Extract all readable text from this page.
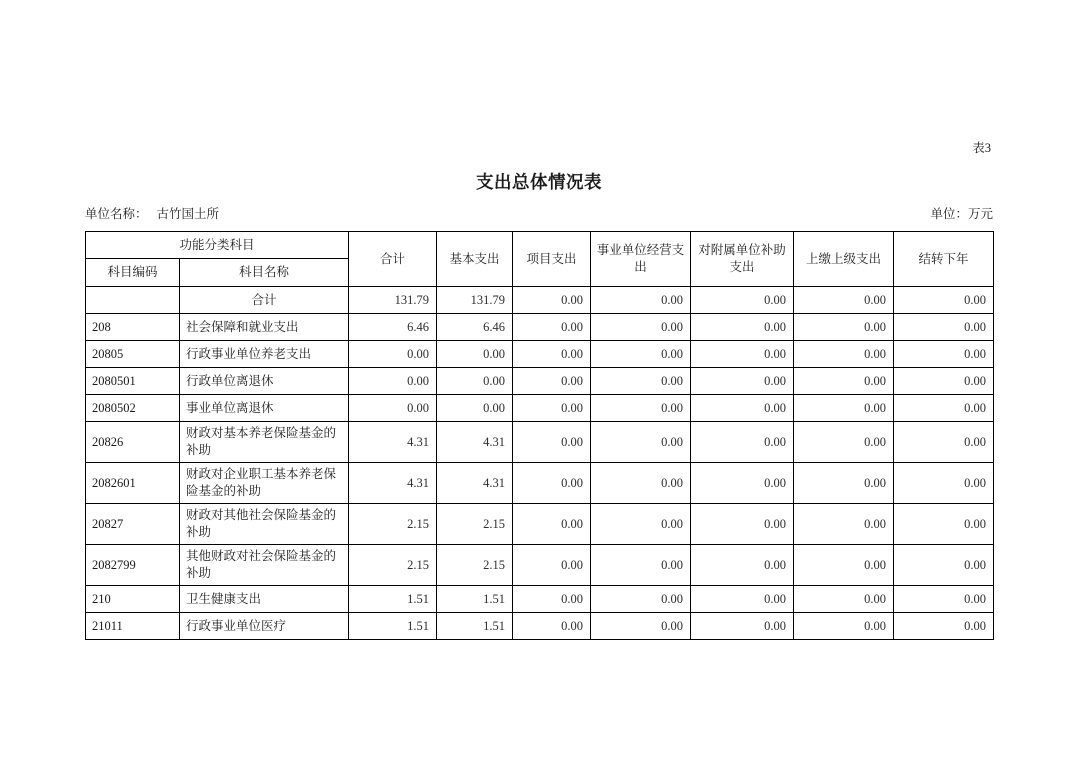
表3
支出总体情况表
单位名称： 古竹国土所	单位：万元
功能分类科目		合计	基本支出	项目支出	事业单位经营支出	对附属单位补助支出	上缴上级支出	结转下年
科目编码	科目名称							
	合计	131.79	131.79	0.00	0.00	0.00	0.00	0.00
208	社会保障和就业支出	6.46	6.46	0.00	0.00	0.00	0.00	0.00
20805	行政事业单位养老支出	0.00	0.00	0.00	0.00	0.00	0.00	0.00
2080501	行政单位离退休	0.00	0.00	0.00	0.00	0.00	0.00	0.00
2080502	事业单位离退休	0.00	0.00	0.00	0.00	0.00	0.00	0.00
20826	财政对基本养老保险基金的补助	4.31	4.31	0.00	0.00	0.00	0.00	0.00
2082601	财政对企业职工基本养老保险基金的补助	4.31	4.31	0.00	0.00	0.00	0.00	0.00
20827	财政对其他社会保险基金的补助	2.15	2.15	0.00	0.00	0.00	0.00	0.00
2082799	其他财政对社会保险基金的补助	2.15	2.15	0.00	0.00	0.00	0.00	0.00
210	卫生健康支出	1.51	1.51	0.00	0.00	0.00	0.00	0.00
21011	行政事业单位医疗	1.51	1.51	0.00	0.00	0.00	0.00	0.00
